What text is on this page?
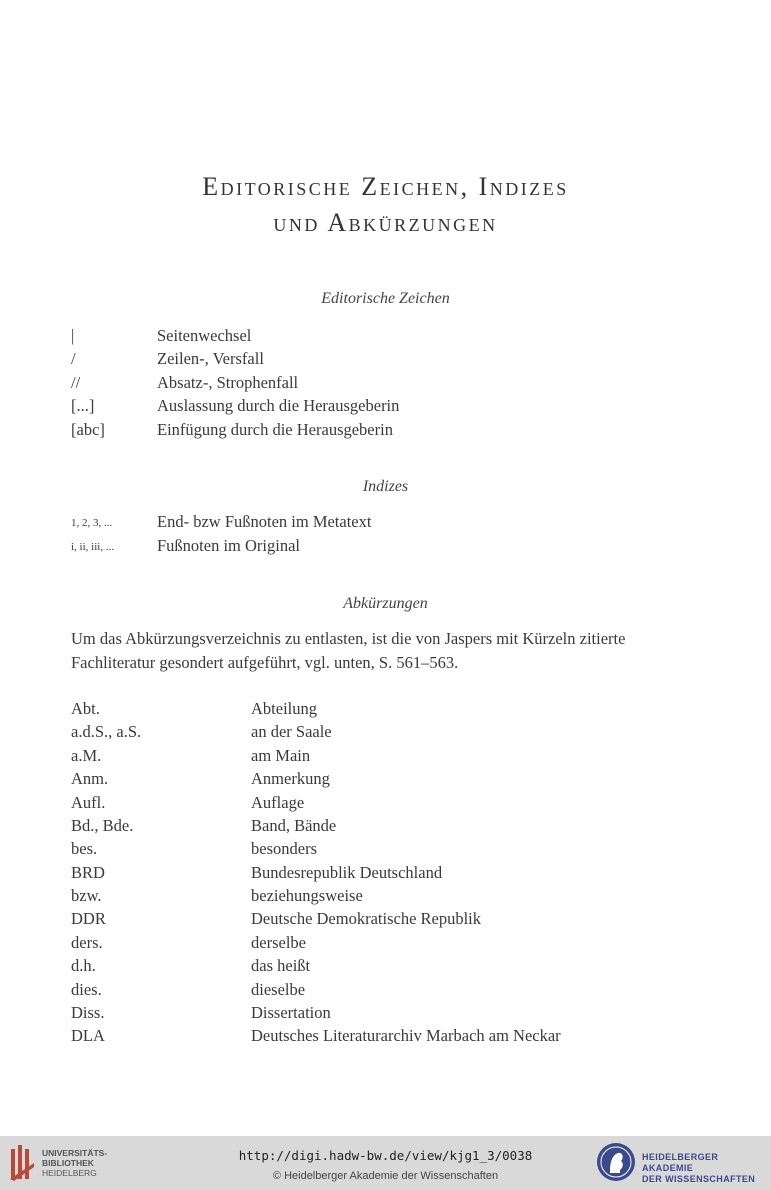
Editorische Zeichen, Indizes
und Abkürzungen
Editorische Zeichen
|	Seitenwechsel
/	Zeilen-, Versfall
//	Absatz-, Strophenfall
[...]	Auslassung durch die Herausgeberin
[abc]	Einfügung durch die Herausgeberin
Indizes
1, 2, 3, ...	End- bzw Fußnoten im Metatext
i, ii, iii, ...	Fußnoten im Original
Abkürzungen
Um das Abkürzungsverzeichnis zu entlasten, ist die von Jaspers mit Kürzeln zitierte
Fachliteratur gesondert aufgeführt, vgl. unten, S. 561–563.
Abt.	Abteilung
a.d.S., a.S.	an der Saale
a.M.	am Main
Anm.	Anmerkung
Aufl.	Auflage
Bd., Bde.	Band, Bände
bes.	besonders
BRD	Bundesrepublik Deutschland
bzw.	beziehungsweise
DDR	Deutsche Demokratische Republik
ders.	derselbe
d.h.	das heißt
dies.	dieselbe
Diss.	Dissertation
DLA	Deutsches Literaturarchiv Marbach am Neckar
UNIVERSITÄTS-
BIBLIOTHEK
HEIDELBERG
http://digi.hadw-bw.de/view/kjg1_3/0038
© Heidelberger Akademie der Wissenschaften
HEIDELBERGER AKADEMIE
DER WISSENSCHAFTEN
